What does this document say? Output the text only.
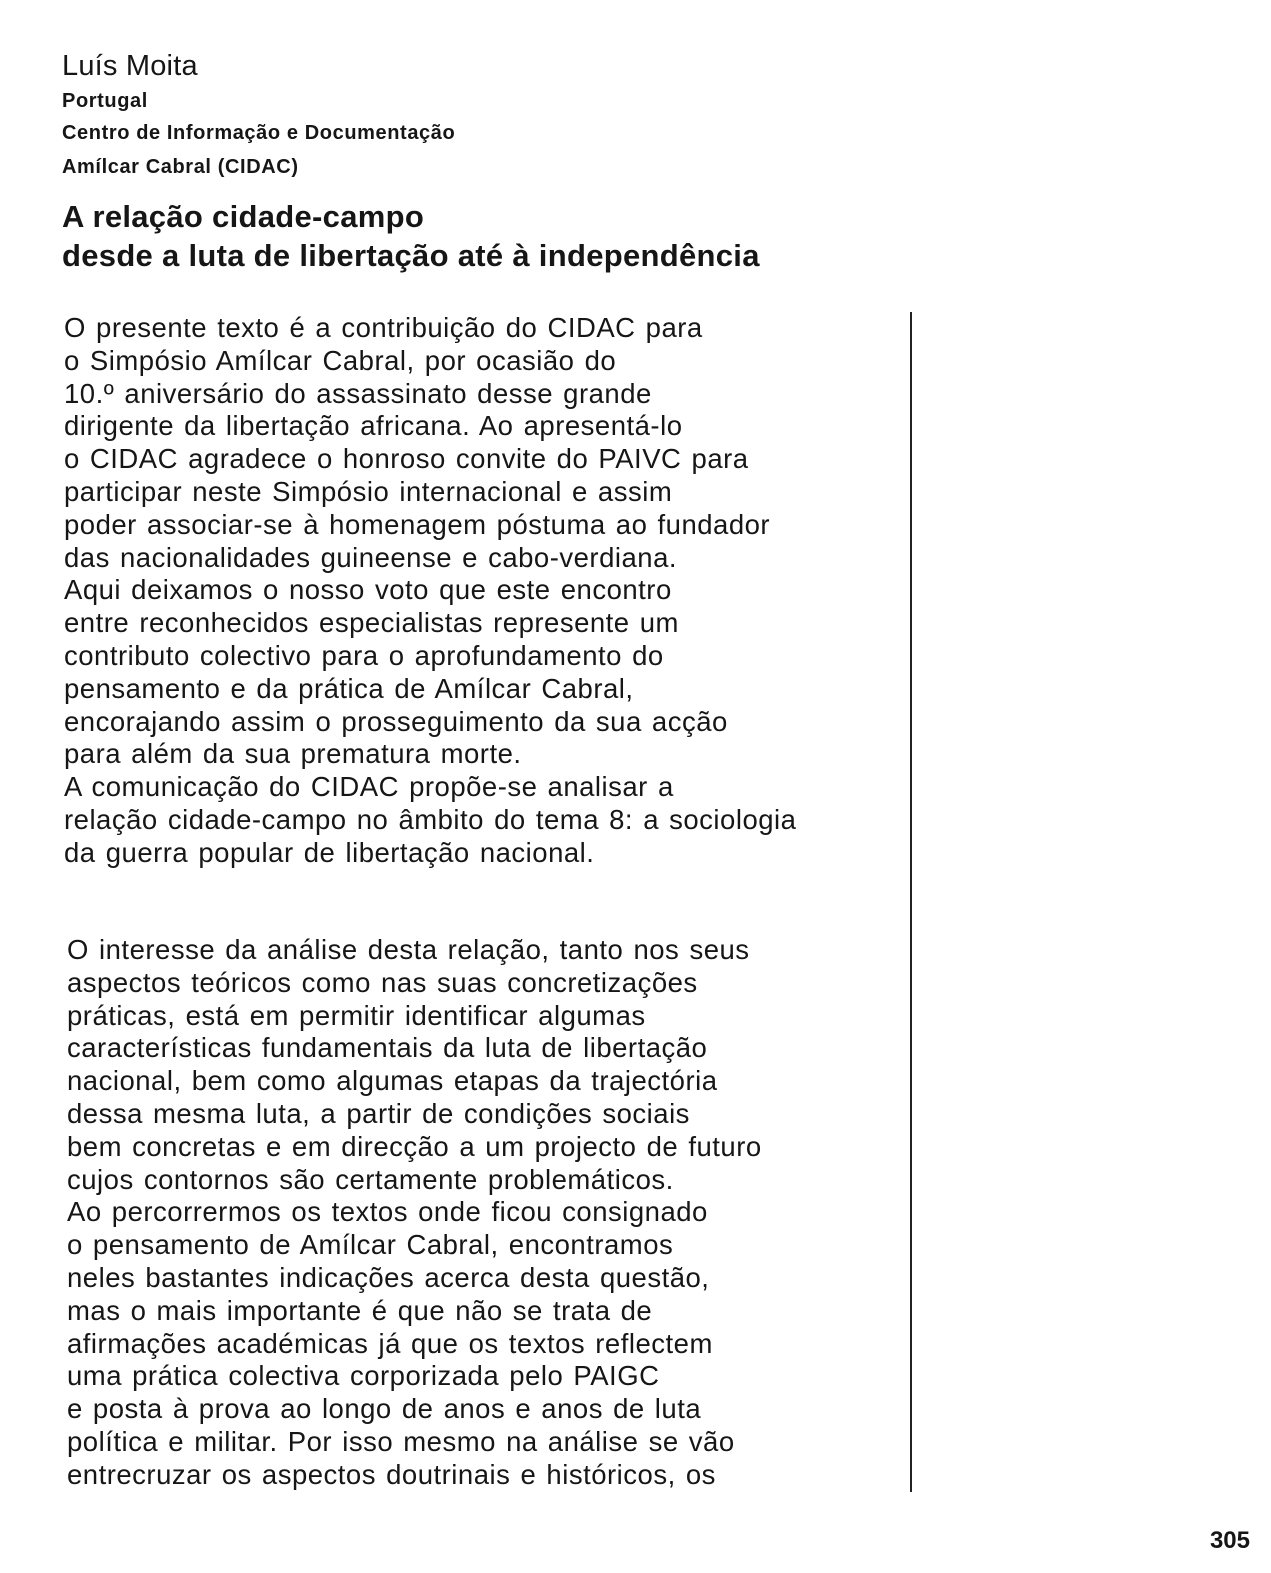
Luís Moita
Portugal
Centro de Informação e Documentação
Amílcar Cabral (CIDAC)
A relação cidade-campo
desde a luta de libertação até à independência
O presente texto é a contribuição do CIDAC para
o Simpósio Amílcar Cabral, por ocasião do
10.º aniversário do assassinato desse grande
dirigente da libertação africana. Ao apresentá-lo
o CIDAC agradece o honroso convite do PAIVC para
participar neste Simpósio internacional e assim
poder associar-se à homenagem póstuma ao fundador
das nacionalidades guineense e cabo-verdiana.
Aqui deixamos o nosso voto que este encontro
entre reconhecidos especialistas represente um
contributo colectivo para o aprofundamento do
pensamento e da prática de Amílcar Cabral,
encorajando assim o prosseguimento da sua acção
para além da sua prematura morte.
A comunicação do CIDAC propõe-se analisar a
relação cidade-campo no âmbito do tema 8: a sociologia
da guerra popular de libertação nacional.
O interesse da análise desta relação, tanto nos seus
aspectos teóricos como nas suas concretizações
práticas, está em permitir identificar algumas
características fundamentais da luta de libertação
nacional, bem como algumas etapas da trajectória
dessa mesma luta, a partir de condições sociais
bem concretas e em direcção a um projecto de futuro
cujos contornos são certamente problemáticos.
Ao percorrermos os textos onde ficou consignado
o pensamento de Amílcar Cabral, encontramos
neles bastantes indicações acerca desta questão,
mas o mais importante é que não se trata de
afirmações académicas já que os textos reflectem
uma prática colectiva corporizada pelo PAIGC
e posta à prova ao longo de anos e anos de luta
política e militar. Por isso mesmo na análise se vão
entrecruzar os aspectos doutrinais e históricos, os
305
